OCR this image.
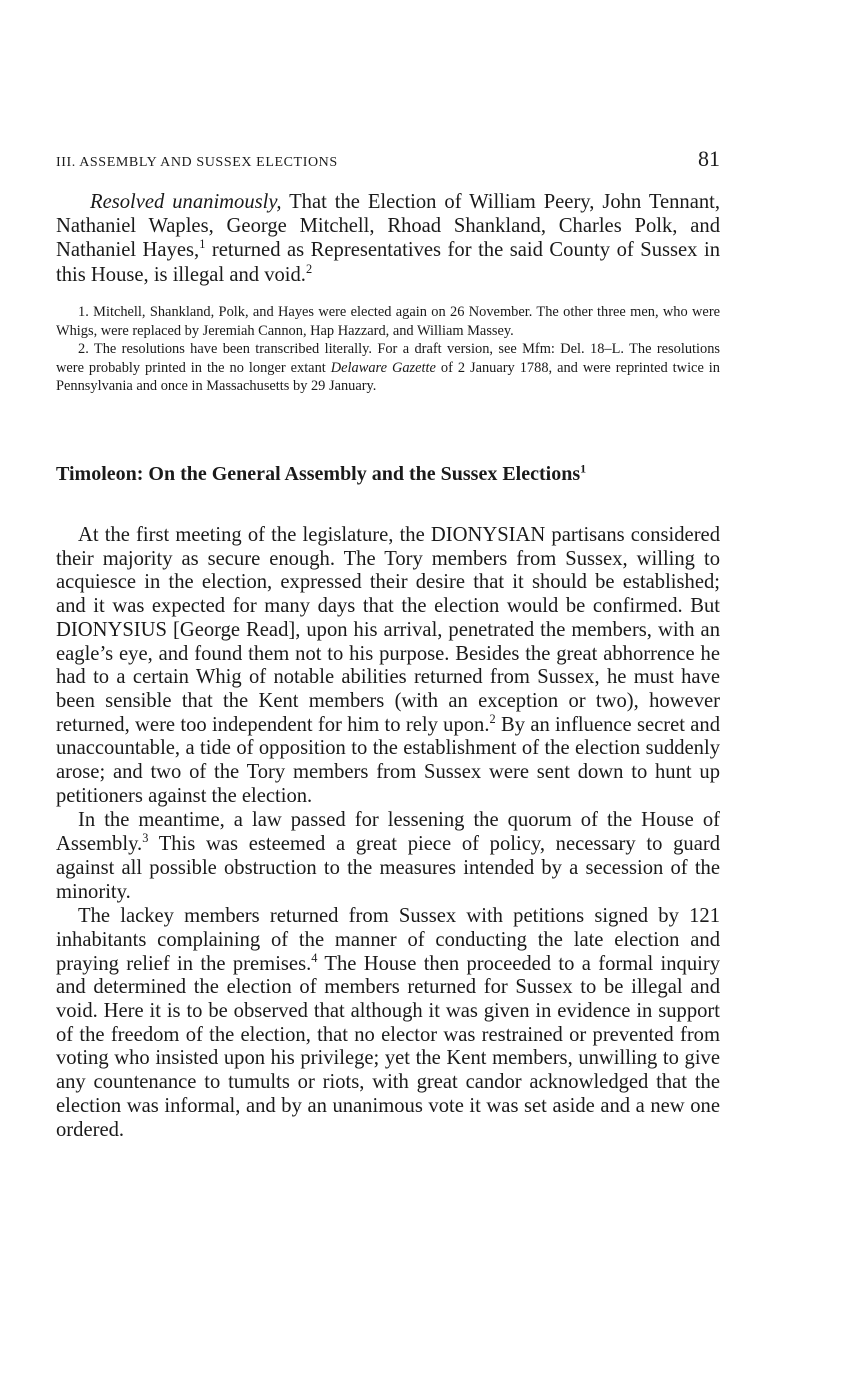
III. ASSEMBLY AND SUSSEX ELECTIONS	81

Resolved unanimously, That the Election of William Peery, John Tennant, Nathaniel Waples, George Mitchell, Rhoad Shankland, Charles Polk, and Nathaniel Hayes,$^1$ returned as Representatives for the said County of Sussex in this House, is illegal and void.$^2$

1. Mitchell, Shankland, Polk, and Hayes were elected again on 26 November. The other three men, who were Whigs, were replaced by Jeremiah Cannon, Hap Hazzard, and William Massey.

2. The resolutions have been transcribed literally. For a draft version, see Mfm: Del. 18–L. The resolutions were probably printed in the no longer extant Delaware Gazette of 2 January 1788, and were reprinted twice in Pennsylvania and once in Massachusetts by 29 January.

Timoleon: On the General Assembly and the Sussex Elections$^1$

At the first meeting of the legislature, the DIONYSIAN partisans considered their majority as secure enough. The Tory members from Sussex, willing to acquiesce in the election, expressed their desire that it should be established; and it was expected for many days that the election would be confirmed. But DIONYSIUS [George Read], upon his arrival, penetrated the members, with an eagle’s eye, and found them not to his purpose. Besides the great abhorrence he had to a certain Whig of notable abilities returned from Sussex, he must have been sensible that the Kent members (with an exception or two), however returned, were too independent for him to rely upon.$^2$ By an influence secret and unaccountable, a tide of opposition to the establishment of the election suddenly arose; and two of the Tory members from Sussex were sent down to hunt up petitioners against the election.

In the meantime, a law passed for lessening the quorum of the House of Assembly.$^3$ This was esteemed a great piece of policy, necessary to guard against all possible obstruction to the measures intended by a secession of the minority.

The lackey members returned from Sussex with petitions signed by 121 inhabitants complaining of the manner of conducting the late election and praying relief in the premises.$^4$ The House then proceeded to a formal inquiry and determined the election of members returned for Sussex to be illegal and void. Here it is to be observed that although it was given in evidence in support of the freedom of the election, that no elector was restrained or prevented from voting who insisted upon his privilege; yet the Kent members, unwilling to give any countenance to tumults or riots, with great candor acknowledged that the election was informal, and by an unanimous vote it was set aside and a new one ordered.
